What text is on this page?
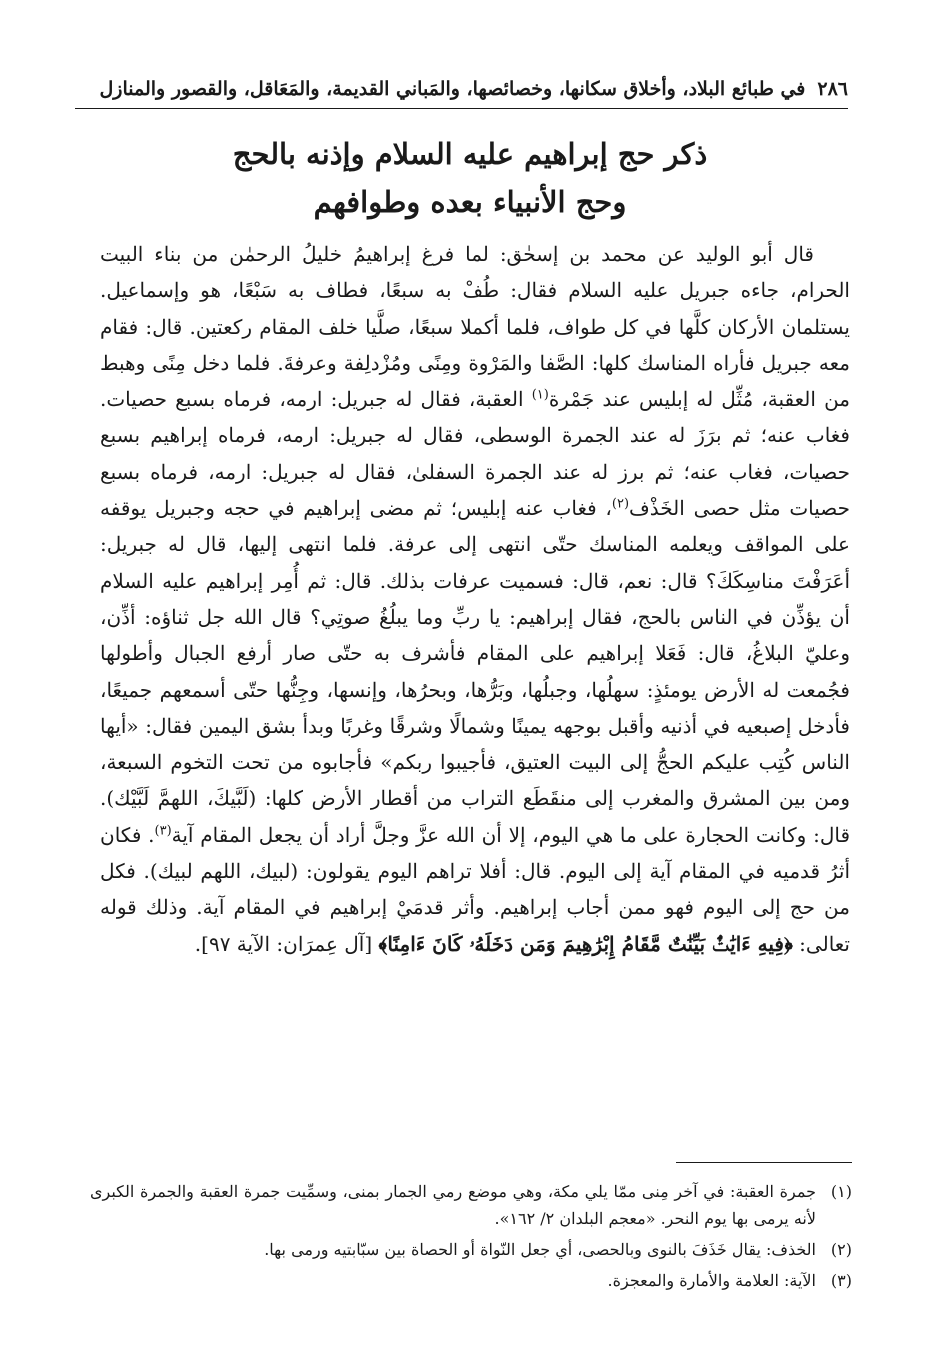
٢٨٦
في طبائع البلاد، وأخلاق سكانها، وخصائصها، والمَباني القديمة، والمَعَاقل، والقصور والمنازل
ذكر حج إبراهيم عليه السلام وإذنه بالحج
وحج الأنبياء بعده وطوافهم

قال أبو الوليد عن محمد بن إسحٰق: لما فرغ إبراهيمُ خليلُ الرحمٰن من بناء البيت الحرام، جاءه جبريل عليه السلام فقال: طُفْ به سبعًا، فطاف به سَبْعًا، هو وإسماعيل. يستلمان الأركان كلَّها في كل طواف، فلما أكملا سبعًا، صلَّيا خلف المقام ركعتين. قال: فقام معه جبريل فأراه المناسك كلها: الصَّفا والمَرْوة ومِنًى ومُزْدلِفة وعرفةَ. فلما دخل مِنًى وهبط من العقبة، مُثِّل له إبليس عند جَمْرة$^{(١)}$ العقبة، فقال له جبريل: ارمه، فرماه بسبع حصيات. فغاب عنه؛ ثم برَزَ له عند الجمرة الوسطى، فقال له جبريل: ارمه، فرماه إبراهيم بسبع حصيات، فغاب عنه؛ ثم برز له عند الجمرة السفلىٰ، فقال له جبريل: ارمه، فرماه بسبع حصيات مثل حصى الخَذْف$^{(٢)}$، فغاب عنه إبليس؛ ثم مضى إبراهيم في حجه وجبريل يوقفه على المواقف ويعلمه المناسك حتّى انتهى إلى عرفة. فلما انتهى إليها، قال له جبريل: أعَرَفْتَ مناسِكَكَ؟ قال: نعم، قال: فسميت عرفات بذلك. قال: ثم أُمِر إبراهيم عليه السلام أن يؤذِّن في الناس بالحج، فقال إبراهيم: يا ربِّ وما يبلُغُ صوتِي؟ قال الله جل ثناؤه: أذِّن، وعليّ البلاغُ، قال: فَعَلا إبراهيم على المقام فأشرف به حتّى صار أرفع الجبال وأطولها فجُمعت له الأرض يومئذٍ: سهلُها، وجبلُها، وبَرُّها، وبحرُها، وإنسها، وجِنُّها حتّى أسمعهم جميعًا، فأدخل إصبعيه في أذنيه وأقبل بوجهه يمينًا وشمالًا وشرقًا وغربًا وبدأ بشق اليمين فقال: «أيها الناس كُتِب عليكم الحجُّ إلى البيت العتيق، فأجيبوا ربكم» فأجابوه من تحت التخوم السبعة، ومن بين المشرق والمغرب إلى منقَطَع التراب من أقطار الأرض كلها: (لَبَّيكَ، اللهمَّ لَبَّيْك). قال: وكانت الحجارة على ما هي اليوم، إلا أن الله عزَّ وجلَّ أراد أن يجعل المقام آية$^{(٣)}$. فكان أثرُ قدميه في المقام آية إلى اليوم. قال: أفلا تراهم اليوم يقولون: (لبيك، اللهم لبيك). فكل من حج إلى اليوم فهو ممن أجاب إبراهيم. وأثر قدمَيْ إبراهيم في المقام آية. وذلك قوله تعالى: ﴿فِيهِ ءَايَٰتٌۢ بَيِّنَٰتٌ مَّقَامُ إِبْرَٰهِيمَ وَمَن دَخَلَهُۥ كَانَ ءَامِنًا﴾ [آل عِمرَان: الآية ٩٧].

(١)
جمرة العقبة: في آخر مِنى ممّا يلي مكة، وهي موضع رمي الجمار بمنى، وسمِّيت جمرة العقبة والجمرة الكبرى لأنه يرمى بها يوم النحر. «معجم البلدان ٢/ ١٦٢».
(٢)
الخذف: يقال خَذَفَ بالنوى وبالحصى، أي جعل النّواة أو الحصاة بين سبّابتيه ورمى بها.
(٣)
الآية: العلامة والأمارة والمعجزة.
